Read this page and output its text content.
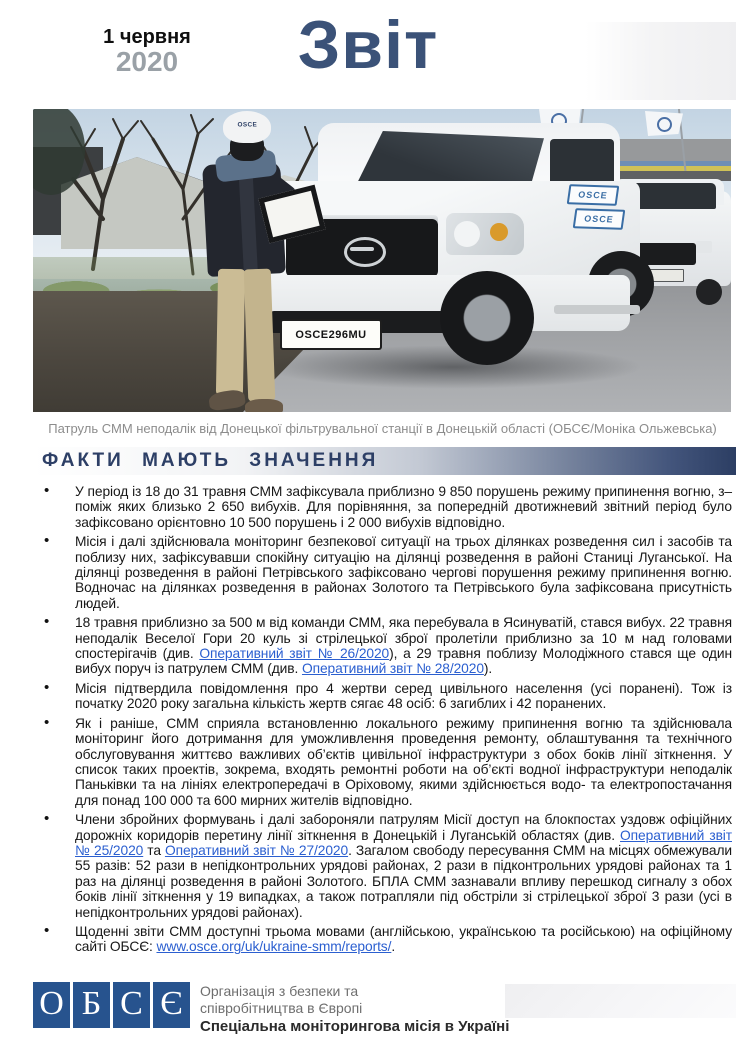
1 червня
2020	Звіт
OSCE296MU
OSCE
OSCE
OSCE
Патруль СММ неподалік від Донецької фільтрувальної станції в Донецькій області (ОБСЄ/Моніка Ольжевська)
ФАКТИ МАЮТЬ ЗНАЧЕННЯ
• У період із 18 до 31 травня СММ зафіксувала приблизно 9 850 порушень режиму припинення вогню, з–поміж яких близько 2 650 вибухів. Для порівняння, за попередній двотижневий звітний період було зафіксовано орієнтовно 10 500 порушень і 2 000 вибухів відповідно.
• Місія і далі здійснювала моніторинг безпекової ситуації на трьох ділянках розведення сил і засобів та поблизу них, зафіксувавши спокійну ситуацію на ділянці розведення в районі Станиці Луганської. На ділянці розведення в районі Петрівського зафіксовано чергові порушення режиму припинення вогню. Водночас на ділянках розведення в районах Золотого та Петрівського була зафіксована присутність людей.
• 18 травня приблизно за 500 м від команди СММ, яка перебувала в Ясинуватій, стався вибух. 22 травня неподалік Веселої Гори 20 куль зі стрілецької зброї пролетіли приблизно за 10 м над головами спостерігачів (див. Оперативний звіт № 26/2020), а 29 травня поблизу Молодіжного стався ще один вибух поруч із патрулем СММ (див. Оперативний звіт № 28/2020).
• Місія підтвердила повідомлення про 4 жертви серед цивільного населення (усі поранені). Тож із початку 2020 року загальна кількість жертв сягає 48 осіб: 6 загиблих і 42 поранених.
• Як і раніше, СММ сприяла встановленню локального режиму припинення вогню та здійснювала моніторинг його дотримання для уможливлення проведення ремонту, облаштування та технічного обслуговування життєво важливих об’єктів цивільної інфраструктури з обох боків лінії зіткнення. У список таких проектів, зокрема, входять ремонтні роботи на об’єкті водної інфраструктури неподалік Паньківки та на лініях електропередачі в Оріховому, якими здійснюється водо- та електропостачання для понад 100 000 та 600 мирних жителів відповідно.
• Члени збройних формувань і далі забороняли патрулям Місії доступ на блокпостах уздовж офіційних дорожніх коридорів перетину лінії зіткнення в Донецькій і Луганській областях (див. Оперативний звіт № 25/2020 та Оперативний звіт № 27/2020. Загалом свободу пересування СММ на місцях обмежували 55 разів: 52 рази в непідконтрольних урядові районах, 2 рази в підконтрольних урядові районах та 1 раз на ділянці розведення в районі Золотого. БПЛА СММ зазнавали впливу перешкод сигналу з обох боків лінії зіткнення у 19 випадках, а також потрапляли під обстріли зі стрілецької зброї 3 рази (усі в непідконтрольних урядові районах).
• Щоденні звіти СММ доступні трьома мовами (англійською, українською та російською) на офіційному сайті ОБСЄ: www.osce.org/uk/ukraine-smm/reports/.
О Б С Є	Організація з безпеки та
співробітництва в Європі
Спеціальна моніторингова місія в Україні
